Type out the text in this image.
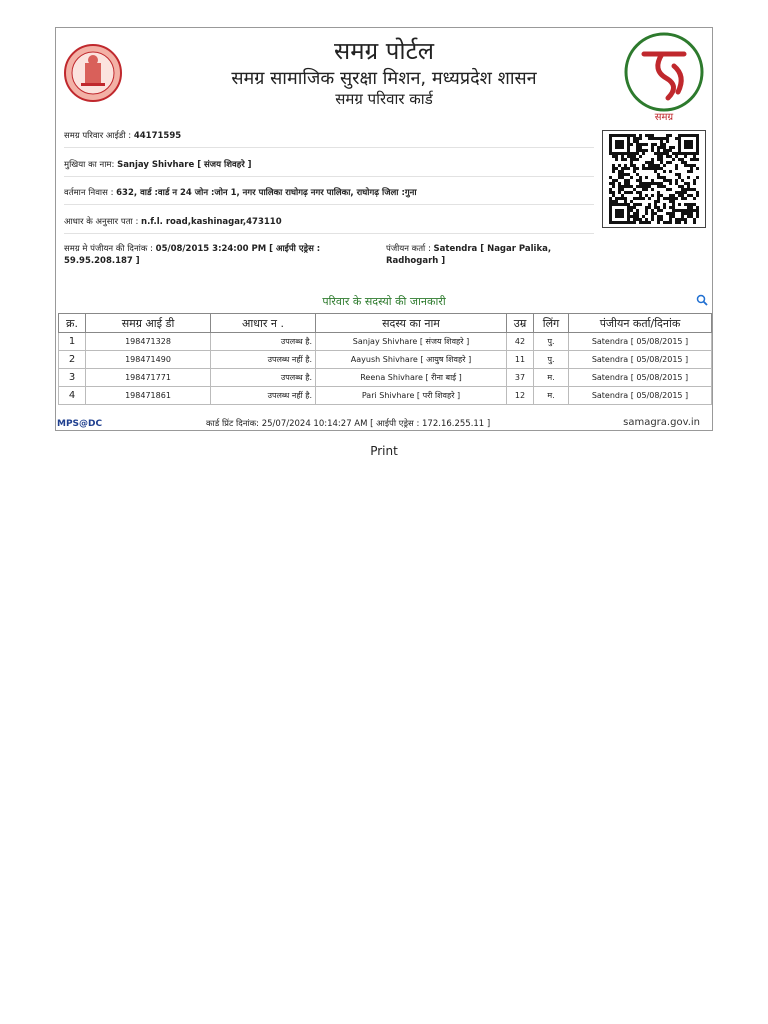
समग्र पोर्टल
समग्र सामाजिक सुरक्षा मिशन, मध्यप्रदेश शासन
समग्र परिवार कार्ड
समग्र
समग्र परिवार आईडी : 44171595
मुखिया का नाम: Sanjay Shivhare [ संजय शिवहरे ]
वर्तमान निवास : 632, वार्ड :वार्ड न 24 जोन :जोन 1, नगर पालिका राघोगढ़ नगर पालिका, राघोगढ़ जिला :गुना
आधार के अनुसार पता : n.f.l. road,kashinagar,473110
समग्र मे पंजीयन की दिनांक : 05/08/2015 3:24:00 PM [ आईपी एड्रेस :
59.95.208.187 ]
पंजीयन कर्ता : Satendra [ Nagar Palika,
Radhogarh ]
परिवार के सदस्यो की जानकारी
क्र.	समग्र आई डी	आधार न .	सदस्य का नाम	उम्र	लिंग	पंजीयन कर्ता/दिनांक
1	198471328	उपलब्ध है.	Sanjay Shivhare [ संजय शिवहरे ]	42	पु.	Satendra [ 05/08/2015 ]
2	198471490	उपलब्ध नहीं है.	Aayush Shivhare [ आयुष शिवहरे ]	11	पु.	Satendra [ 05/08/2015 ]
3	198471771	उपलब्ध है.	Reena Shivhare [ रीना बाई ]	37	म.	Satendra [ 05/08/2015 ]
4	198471861	उपलब्ध नहीं है.	Pari Shivhare [ परी शिवहरे ]	12	म.	Satendra [ 05/08/2015 ]
MPS@DC	कार्ड प्रिंट दिनांक: 25/07/2024 10:14:27 AM [ आईपी एड्रेस : 172.16.255.11 ]	samagra.gov.in
Print
